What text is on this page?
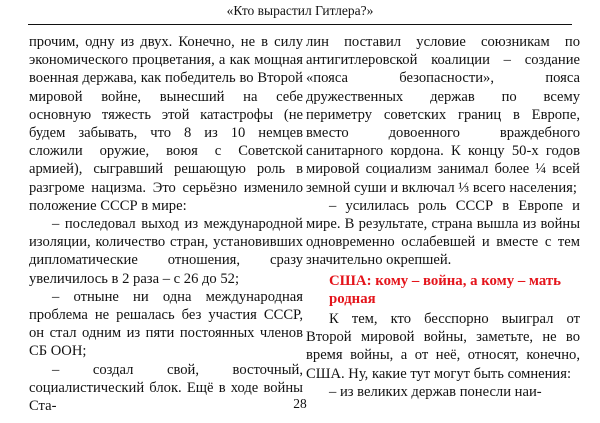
«Кто вырастил Гитлера?»

прочим, одну из двух. Конечно, не в силу экономического процветания, а как мощная военная держава, как победитель во Второй мировой войне, вынесший на себе основную тяжесть этой катастрофы (не будем забывать, что 8 из 10 немцев сложили оружие, воюя с Советской армией), сыгравший решающую роль в разгроме нацизма. Это серьёзно изменило положение СССР в мире:

– последовал выход из международной изоляции, количество стран, установивших дипломатические отношения, сразу увеличилось в 2 раза – с 26 до 52;

– отныне ни одна международная проблема не решалась без участия СССР, он стал одним из пяти постоянных членов СБ ООН;

– создал свой, восточный, социалистический блок. Ещё в ходе войны Ста-

лин поставил условие союзникам по антигитлеровской коалиции – создание «пояса безопасности», пояса дружественных держав по всему периметру советских границ в Европе, вместо довоенного враждебного санитарного кордона. К концу 50-х годов мировой социализм занимал более ¼ всей земной суши и включал ⅓ всего населения;

– усилилась роль СССР в Европе и мире. В результате, страна вышла из войны одновременно ослабевшей и вместе с тем значительно окрепшей.

США: кому – война, а кому – мать родная

К тем, кто бесспорно выиграл от Второй мировой войны, заметьте, не во время войны, а от неё, относят, конечно, США. Ну, какие тут могут быть сомнения:

– из великих держав понесли наи-

28
